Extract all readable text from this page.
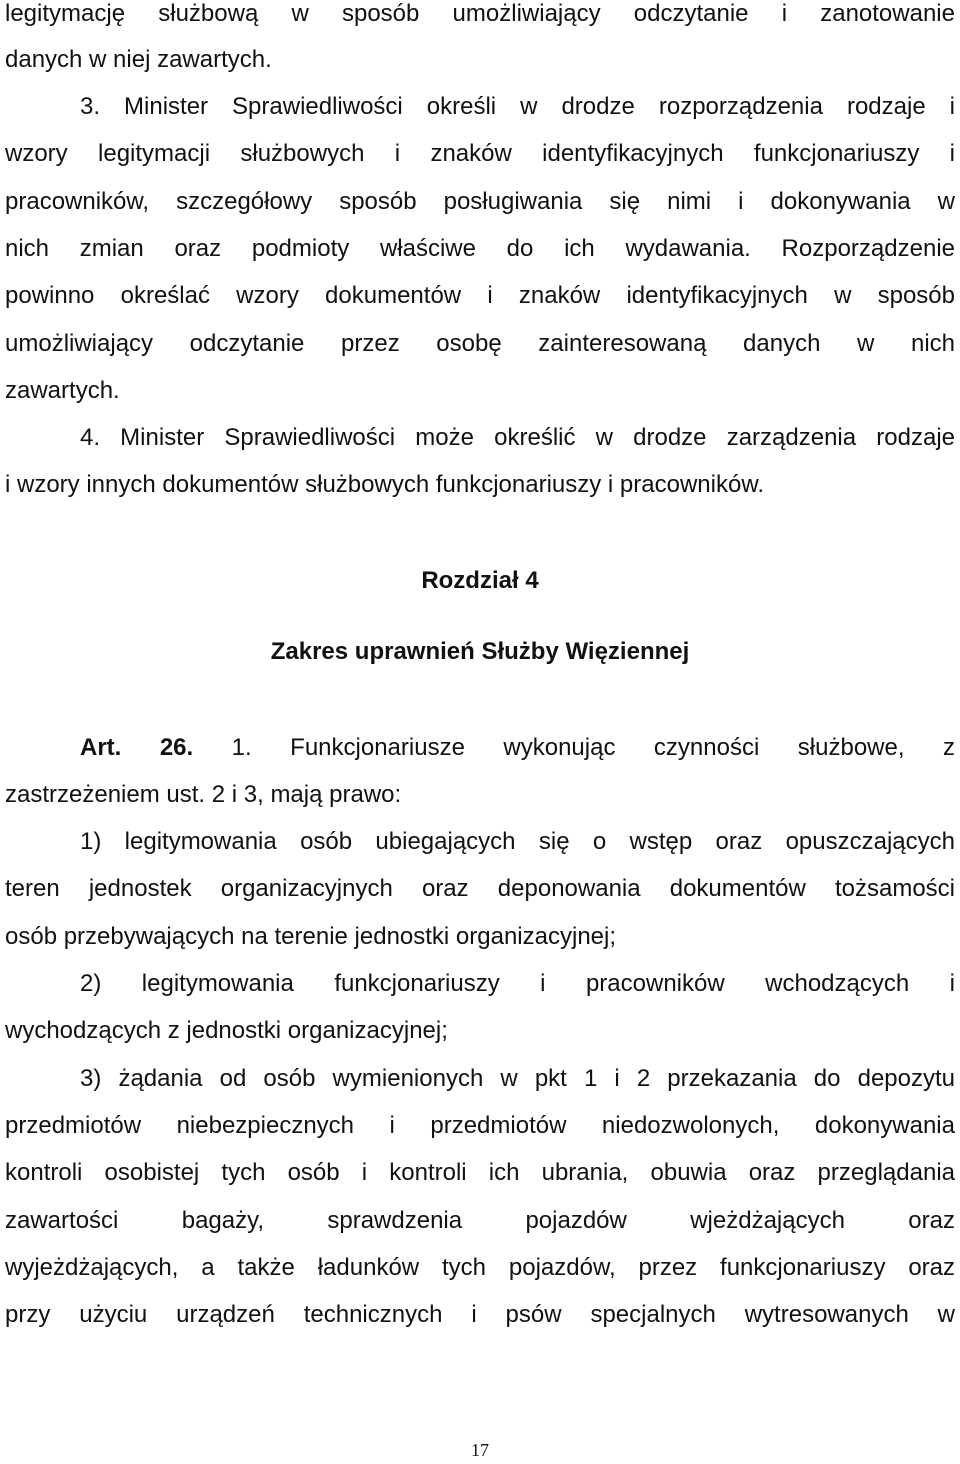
legitymację służbową w sposób umożliwiający odczytanie i zanotowanie
danych w niej zawartych.
3. Minister Sprawiedliwości określi w drodze rozporządzenia rodzaje i
wzory legitymacji służbowych i znaków identyfikacyjnych funkcjonariuszy i
pracowników, szczegółowy sposób posługiwania się nimi i dokonywania w
nich zmian oraz podmioty właściwe do ich wydawania. Rozporządzenie
powinno określać wzory dokumentów i znaków identyfikacyjnych w sposób
umożliwiający odczytanie przez osobę zainteresowaną danych w nich
zawartych.
4. Minister Sprawiedliwości może określić w drodze zarządzenia rodzaje
i wzory innych dokumentów służbowych funkcjonariuszy i pracowników.
Rozdział 4
Zakres uprawnień Służby Więziennej
Art. 26. 1. Funkcjonariusze wykonując czynności służbowe, z
zastrzeżeniem ust. 2 i 3, mają prawo:
1) legitymowania osób ubiegających się o wstęp oraz opuszczających
teren jednostek organizacyjnych oraz deponowania dokumentów tożsamości
osób przebywających na terenie jednostki organizacyjnej;
2) legitymowania funkcjonariuszy i pracowników wchodzących i
wychodzących z jednostki organizacyjnej;
3) żądania od osób wymienionych w pkt 1 i 2 przekazania do depozytu
przedmiotów niebezpiecznych i przedmiotów niedozwolonych, dokonywania
kontroli osobistej tych osób i kontroli ich ubrania, obuwia oraz przeglądania
zawartości bagaży, sprawdzenia pojazdów wjeżdżających oraz
wyjeżdżających, a także ładunków tych pojazdów, przez funkcjonariuszy oraz
przy użyciu urządzeń technicznych i psów specjalnych wytresowanych w
17
